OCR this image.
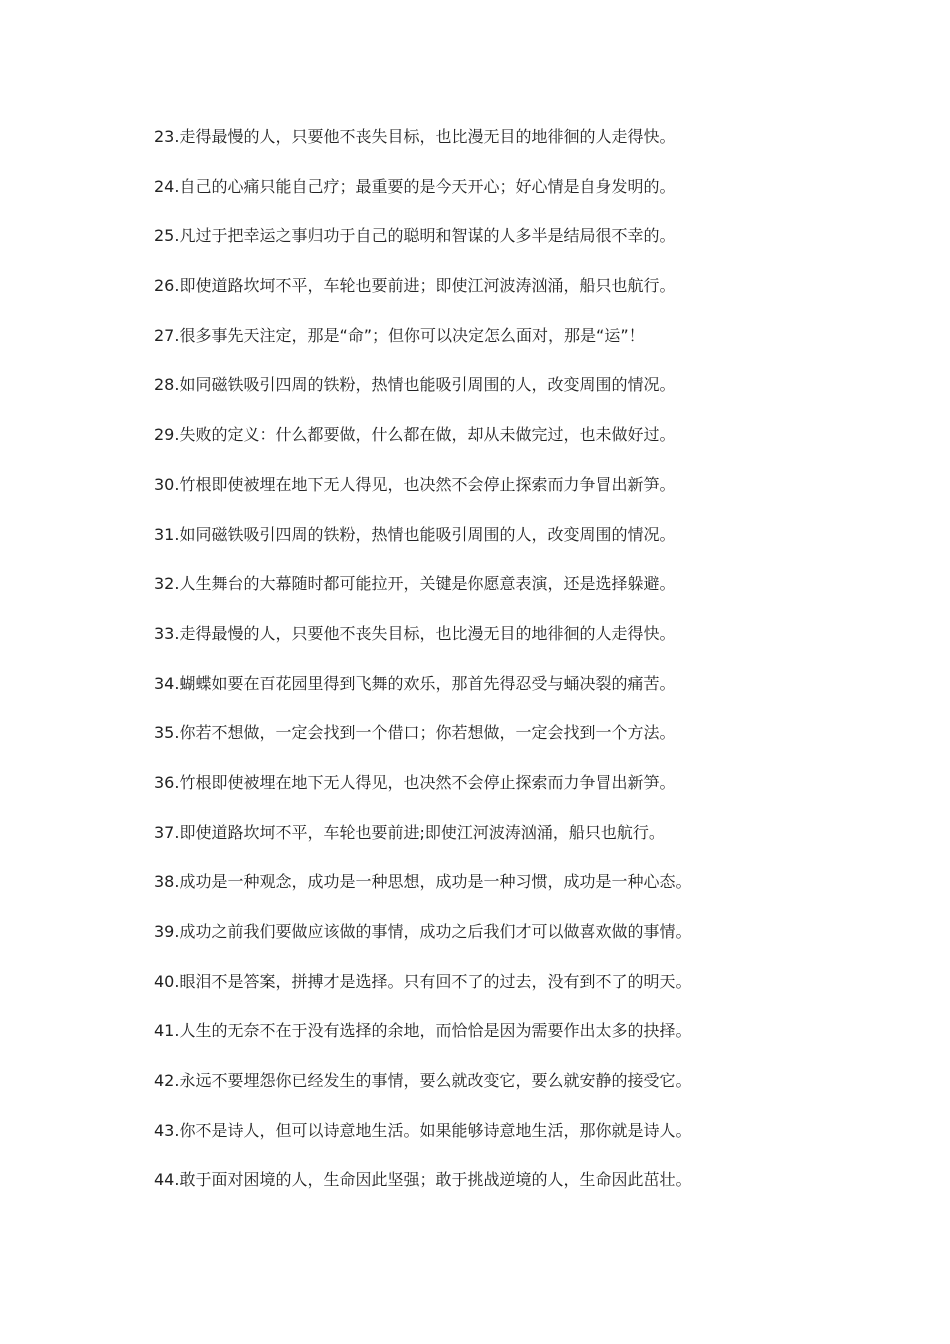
23.走得最慢的人，只要他不丧失目标，也比漫无目的地徘徊的人走得快。
24.自己的心痛只能自己疗；最重要的是今天开心；好心情是自身发明的。
25.凡过于把幸运之事归功于自己的聪明和智谋的人多半是结局很不幸的。
26.即使道路坎坷不平，车轮也要前进；即使江河波涛汹涌，船只也航行。
27.很多事先天注定，那是“命”；但你可以决定怎么面对，那是“运”！
28.如同磁铁吸引四周的铁粉，热情也能吸引周围的人，改变周围的情况。
29.失败的定义：什么都要做，什么都在做，却从未做完过，也未做好过。
30.竹根即使被埋在地下无人得见，也决然不会停止探索而力争冒出新笋。
31.如同磁铁吸引四周的铁粉，热情也能吸引周围的人，改变周围的情况。
32.人生舞台的大幕随时都可能拉开，关键是你愿意表演，还是选择躲避。
33.走得最慢的人，只要他不丧失目标，也比漫无目的地徘徊的人走得快。
34.蝴蝶如要在百花园里得到飞舞的欢乐，那首先得忍受与蛹决裂的痛苦。
35.你若不想做，一定会找到一个借口；你若想做，一定会找到一个方法。
36.竹根即使被埋在地下无人得见，也决然不会停止探索而力争冒出新笋。
37.即使道路坎坷不平，车轮也要前进;即使江河波涛汹涌，船只也航行。
38.成功是一种观念，成功是一种思想，成功是一种习惯，成功是一种心态。
39.成功之前我们要做应该做的事情，成功之后我们才可以做喜欢做的事情。
40.眼泪不是答案，拼搏才是选择。只有回不了的过去，没有到不了的明天。
41.人生的无奈不在于没有选择的余地，而恰恰是因为需要作出太多的抉择。
42.永远不要埋怨你已经发生的事情，要么就改变它，要么就安静的接受它。
43.你不是诗人，但可以诗意地生活。如果能够诗意地生活，那你就是诗人。
44.敢于面对困境的人，生命因此坚强；敢于挑战逆境的人，生命因此茁壮。
